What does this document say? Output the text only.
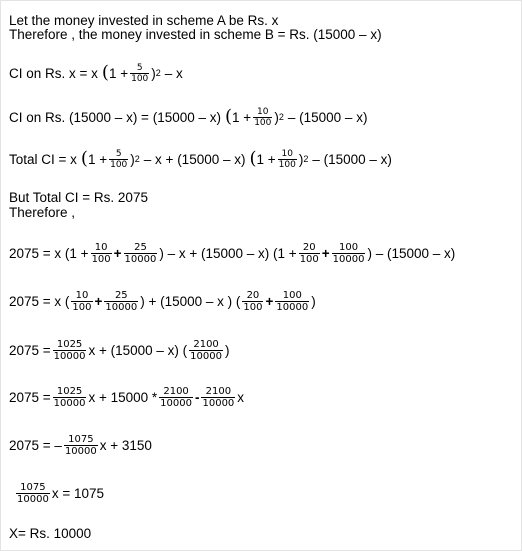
Let the money invested in scheme A be Rs. x
Therefore , the money invested in scheme B = Rs. (15000 – x)
CI on Rs. x = x ( $1 + \frac{5}{100}$ ) 2 – x
CI on Rs. (15000 – x) = (15000 – x) ( $1 + \frac{10}{100}$ ) 2 – (15000 – x)
Total CI = x ( $1 + \frac{5}{100}$ ) 2 – x + (15000 – x) ( $1 + \frac{10}{100}$ ) 2 – (15000 – x)
But Total CI = Rs. 2075
Therefore ,
2075 = x ($1 + \frac{10}{100} + \frac{25}{10000}$ ) – x + (15000 – x) ($1 + \frac{20}{100} + \frac{100}{10000}$ ) – (15000 – x)
2075 = x ( $\frac{10}{100} + \frac{25}{10000}$ ) + (15000 – x ) ( $\frac{20}{100} + \frac{100}{10000}$ )
$2075 = \frac{1025}{10000}$ x + (15000 – x) ( $\frac{2100}{10000}$ )
$2075 = \frac{1025}{10000}$ $x + 15000 * \frac{2100}{10000} - \frac{2100}{10000}$ x
2075 = – $\frac{1075}{10000}$ x + 3150
$\frac{1075}{10000}$ x = 1075
X= Rs. 10000
